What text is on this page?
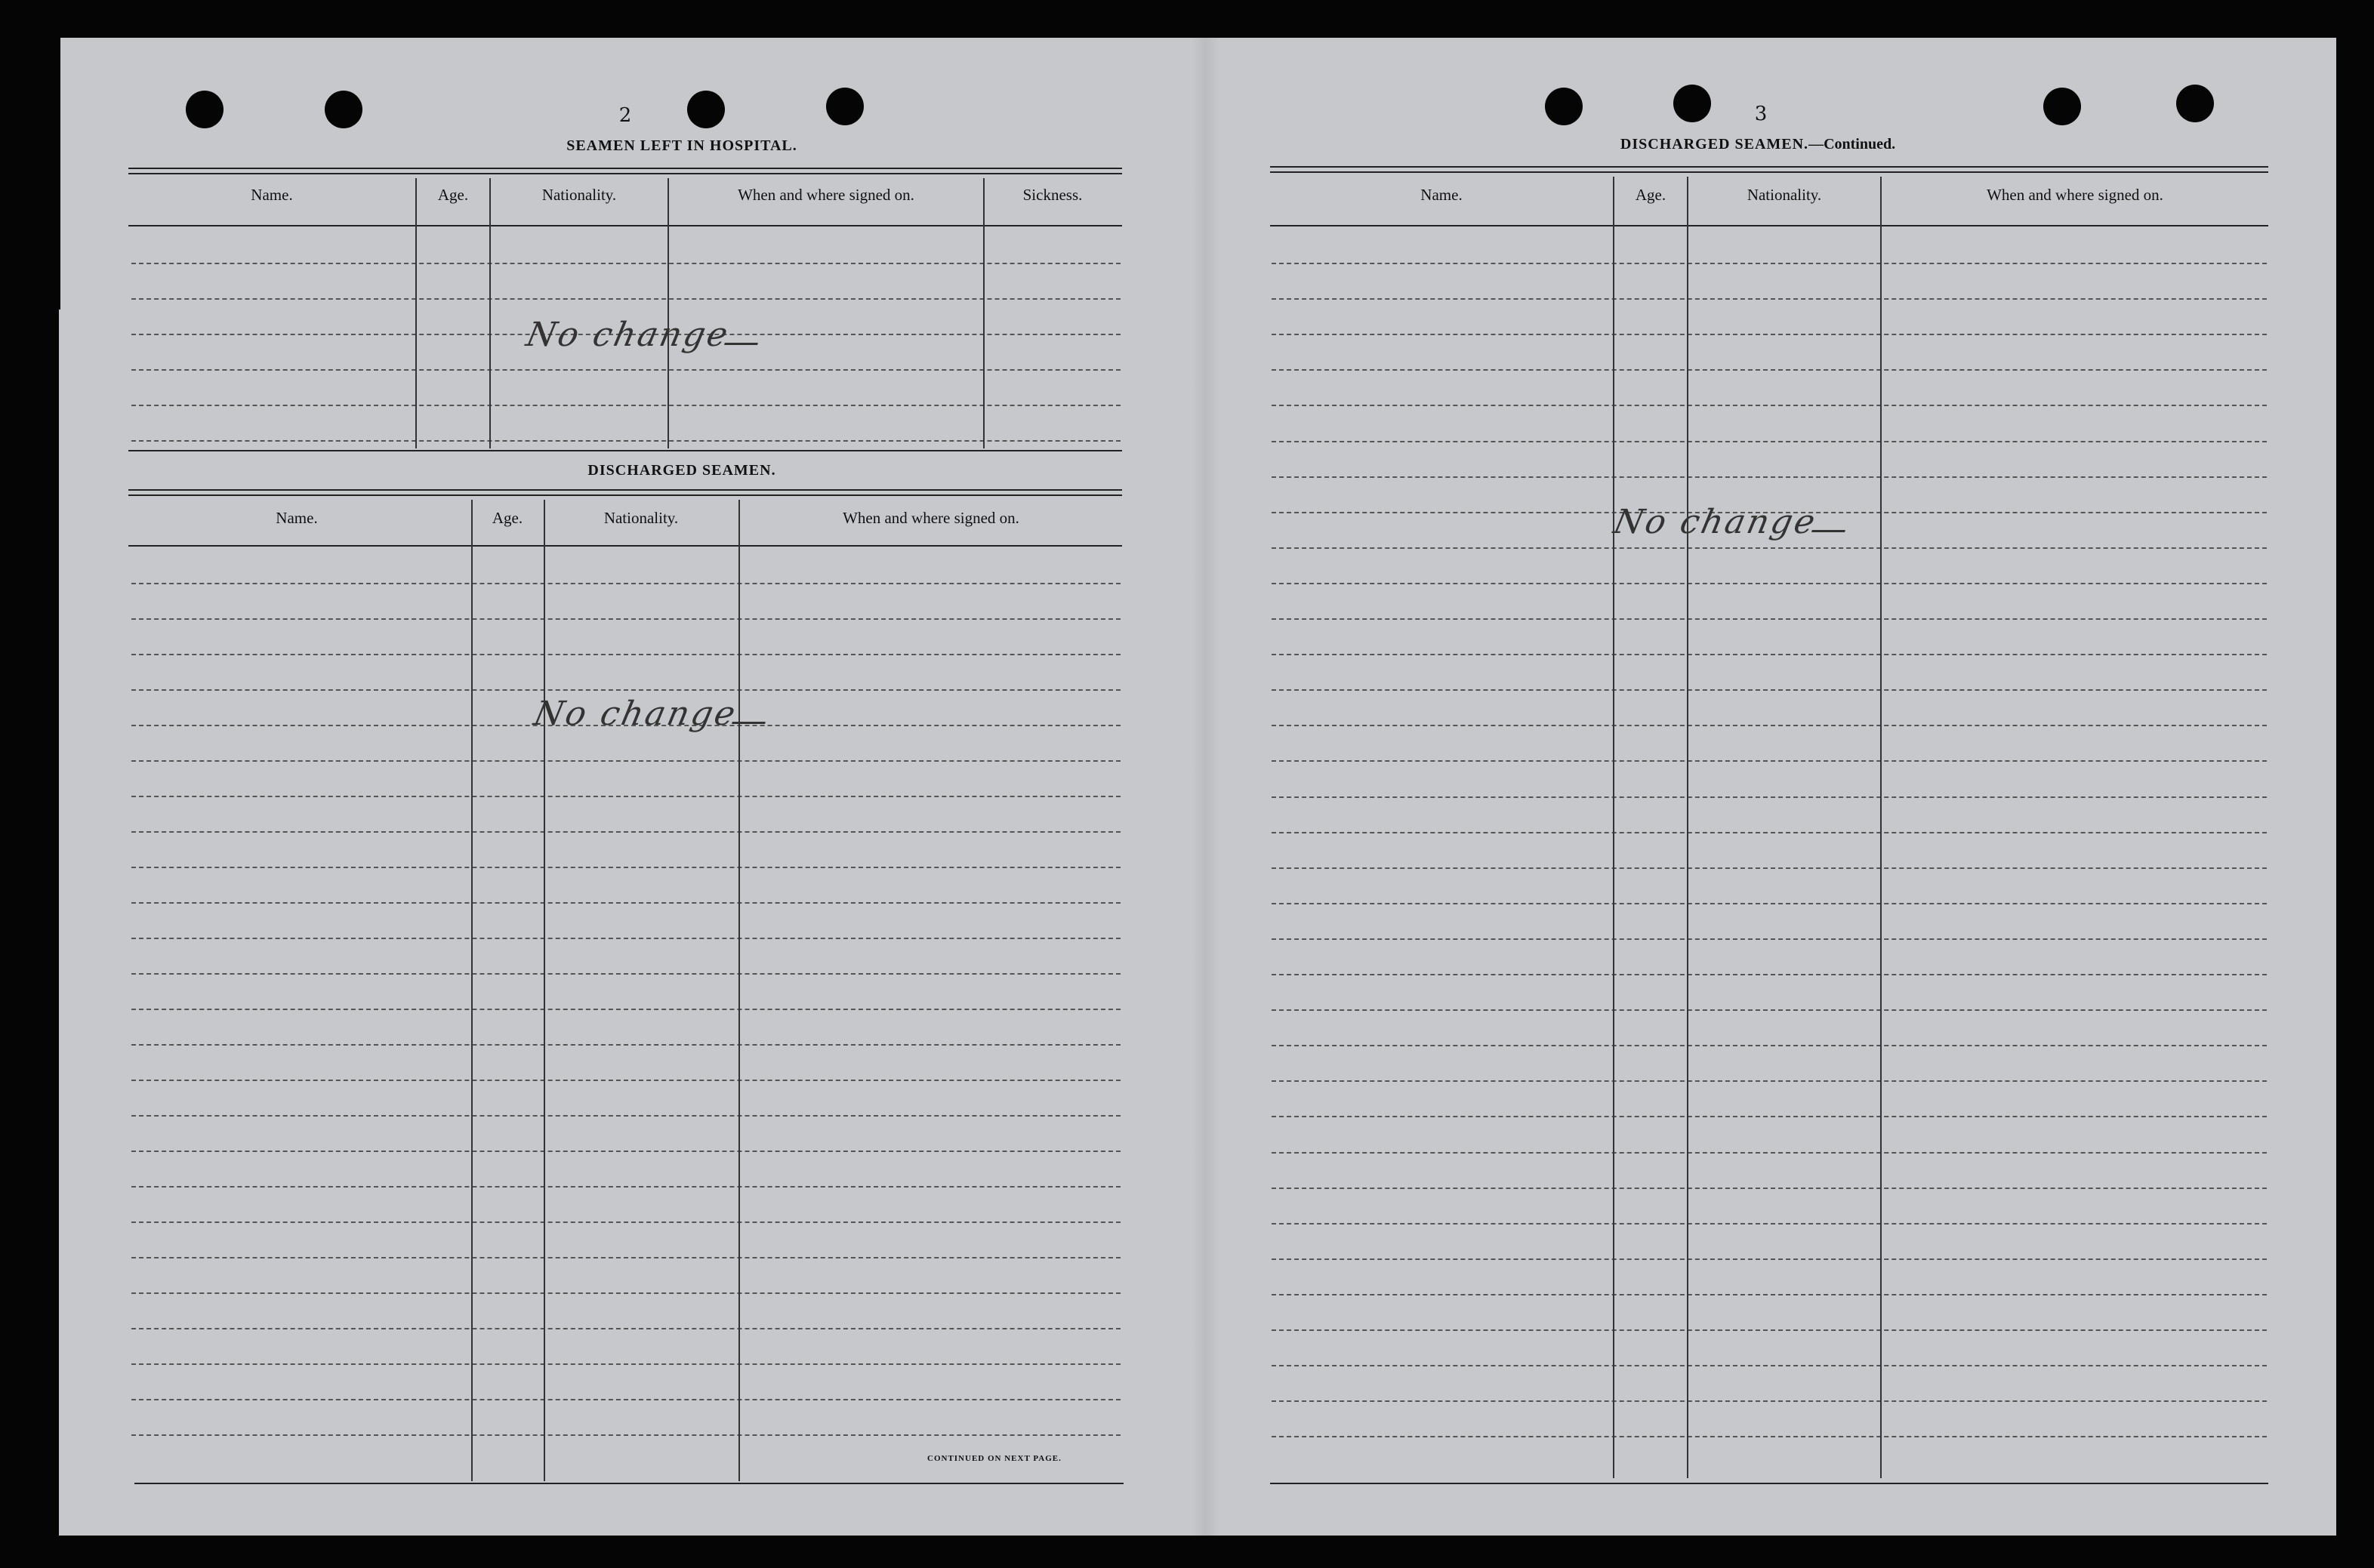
2
SEAMEN LEFT IN HOSPITAL.
Name.	Age.	Nationality.	When and where signed on.	Sickness.
No change
DISCHARGED SEAMEN.
Name.	Age.	Nationality.	When and where signed on.
No change
CONTINUED ON NEXT PAGE.
3
DISCHARGED SEAMEN.—Continued.
Name.	Age.	Nationality.	When and where signed on.
No change
